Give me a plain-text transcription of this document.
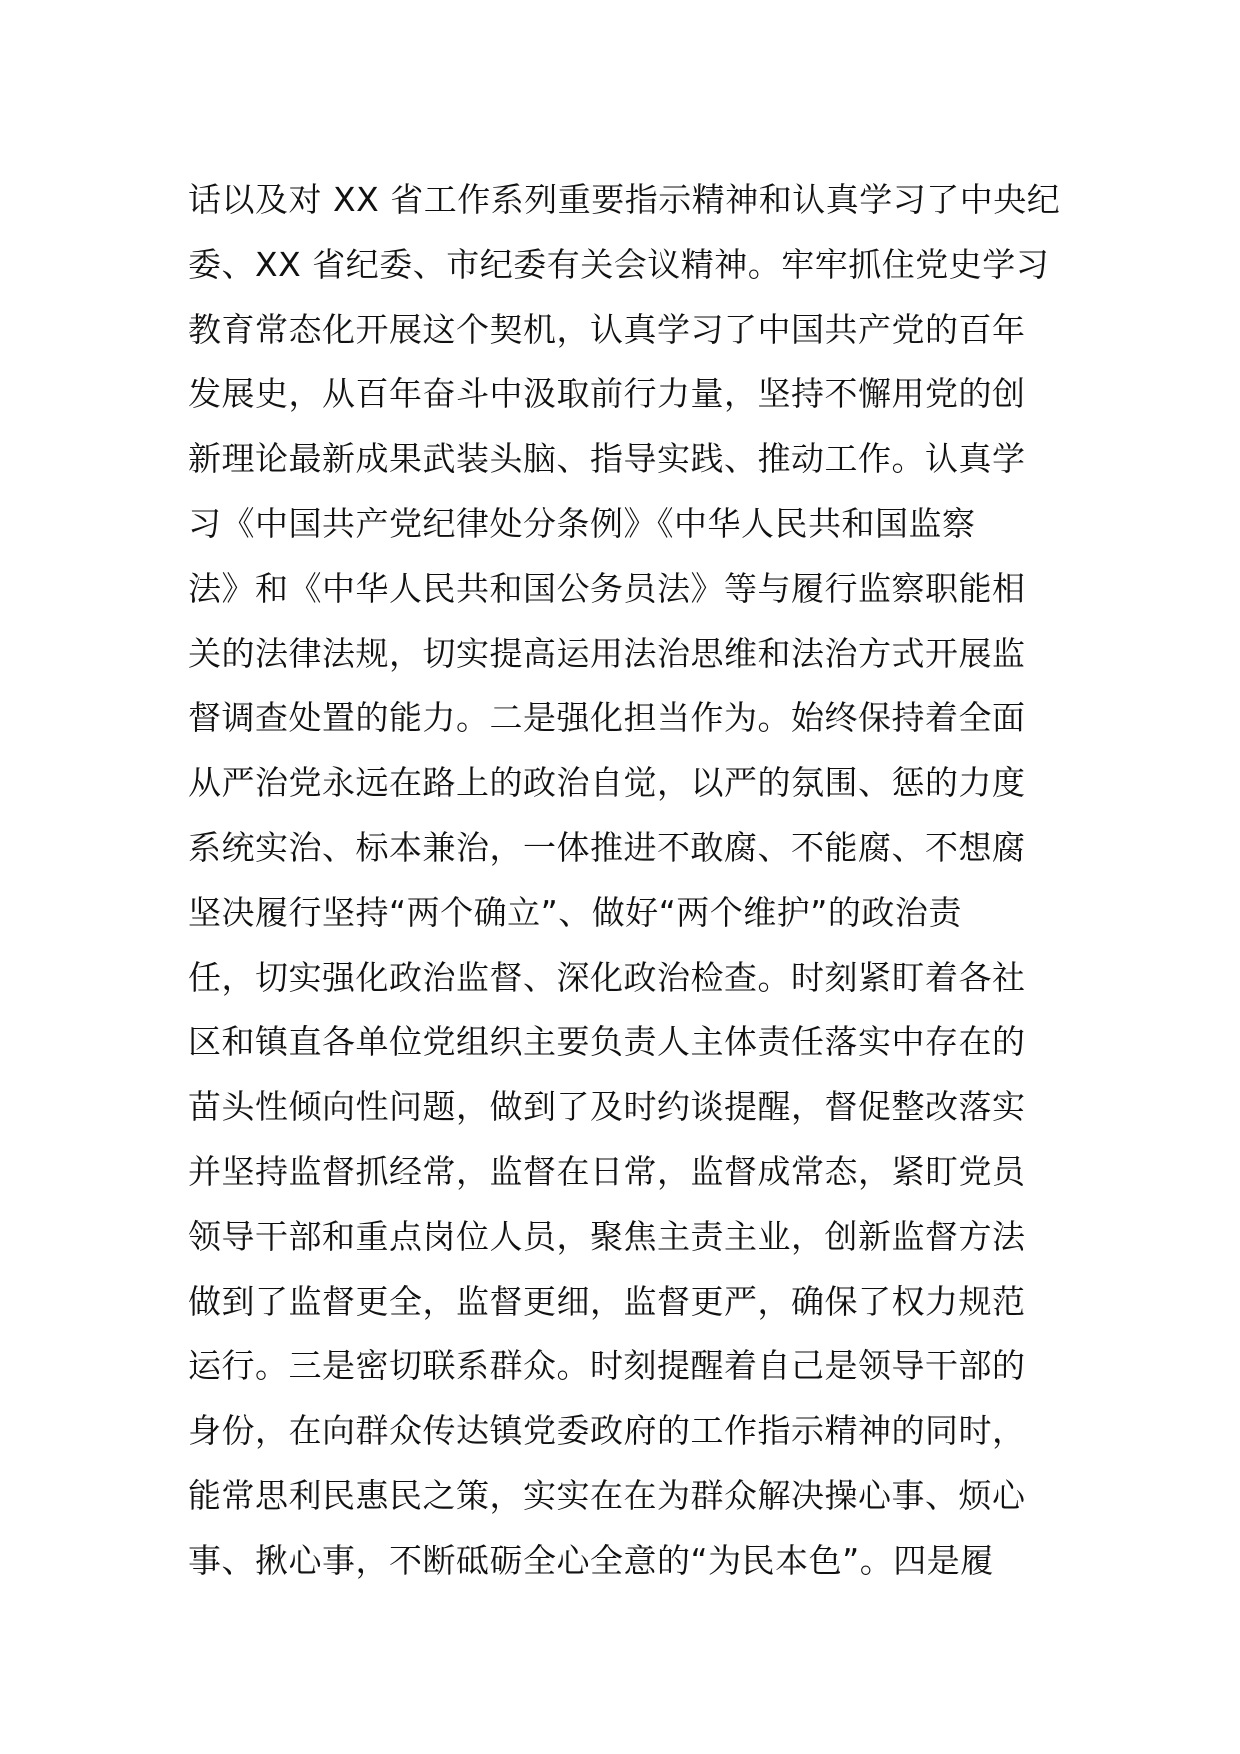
话以及对 XX 省工作系列重要指示精神和认真学习了中央纪
委、XX 省纪委、市纪委有关会议精神。牢牢抓住党史学习
教育常态化开展这个契机，认真学习了中国共产党的百年
发展史，从百年奋斗中汲取前行力量，坚持不懈用党的创
新理论最新成果武装头脑、指导实践、推动工作。认真学
习《中国共产党纪律处分条例》《中华人民共和国监察
法》和《中华人民共和国公务员法》等与履行监察职能相
关的法律法规，切实提高运用法治思维和法治方式开展监
督调查处置的能力。二是强化担当作为。始终保持着全面
从严治党永远在路上的政治自觉，以严的氛围、惩的力度
系统实治、标本兼治，一体推进不敢腐、不能腐、不想腐
坚决履行坚持“两个确立”、做好“两个维护”的政治责
任，切实强化政治监督、深化政治检查。时刻紧盯着各社
区和镇直各单位党组织主要负责人主体责任落实中存在的
苗头性倾向性问题，做到了及时约谈提醒，督促整改落实
并坚持监督抓经常，监督在日常，监督成常态，紧盯党员
领导干部和重点岗位人员，聚焦主责主业，创新监督方法
做到了监督更全，监督更细，监督更严，确保了权力规范
运行。三是密切联系群众。时刻提醒着自己是领导干部的
身份，在向群众传达镇党委政府的工作指示精神的同时，
能常思利民惠民之策，实实在在为群众解决操心事、烦心
事、揪心事，不断砥砺全心全意的“为民本色”。四是履
